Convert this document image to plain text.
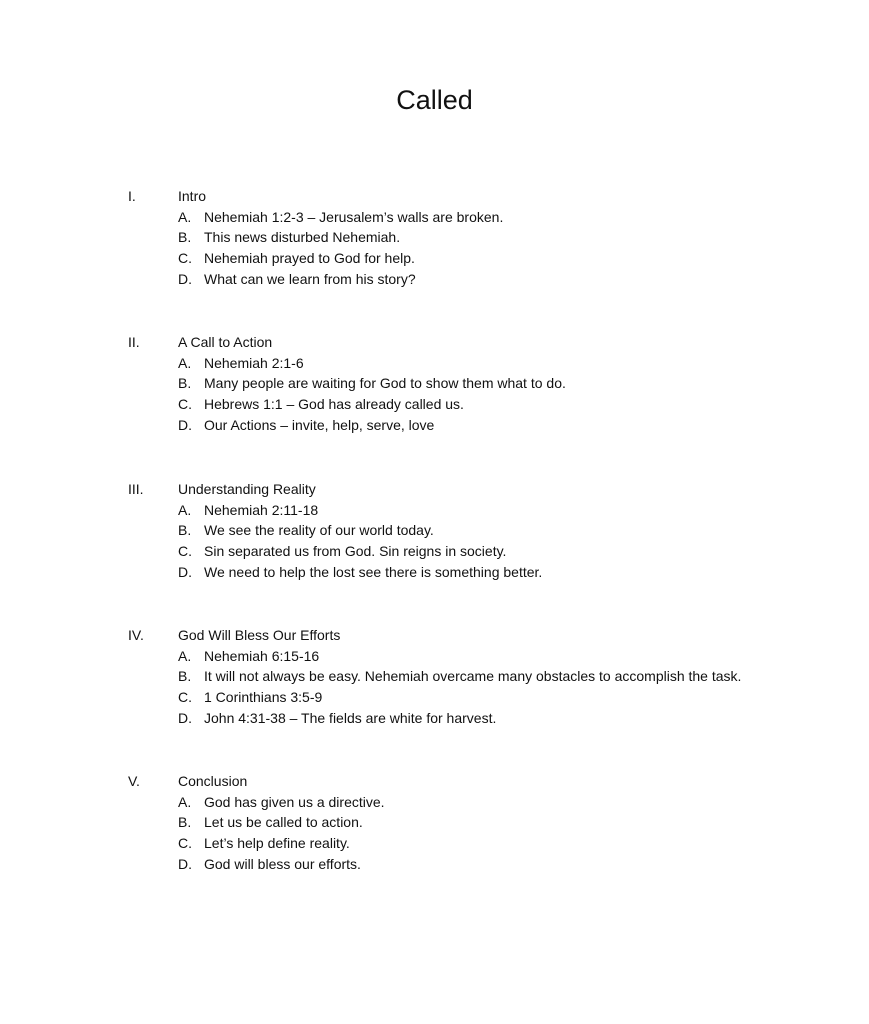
Called
I.	Intro
A. Nehemiah 1:2-3 – Jerusalem’s walls are broken.
B. This news disturbed Nehemiah.
C. Nehemiah prayed to God for help.
D. What can we learn from his story?
II.	A Call to Action
A. Nehemiah 2:1-6
B. Many people are waiting for God to show them what to do.
C. Hebrews 1:1 – God has already called us.
D. Our Actions – invite, help, serve, love
III. Understanding Reality
A. Nehemiah 2:11-18
B. We see the reality of our world today.
C. Sin separated us from God. Sin reigns in society.
D. We need to help the lost see there is something better.
IV. God Will Bless Our Efforts
A. Nehemiah 6:15-16
B. It will not always be easy. Nehemiah overcame many obstacles to accomplish the task.
C. 1 Corinthians 3:5-9
D. John 4:31-38 – The fields are white for harvest.
V.	Conclusion
A. God has given us a directive.
B. Let us be called to action.
C. Let’s help define reality.
D. God will bless our efforts.
